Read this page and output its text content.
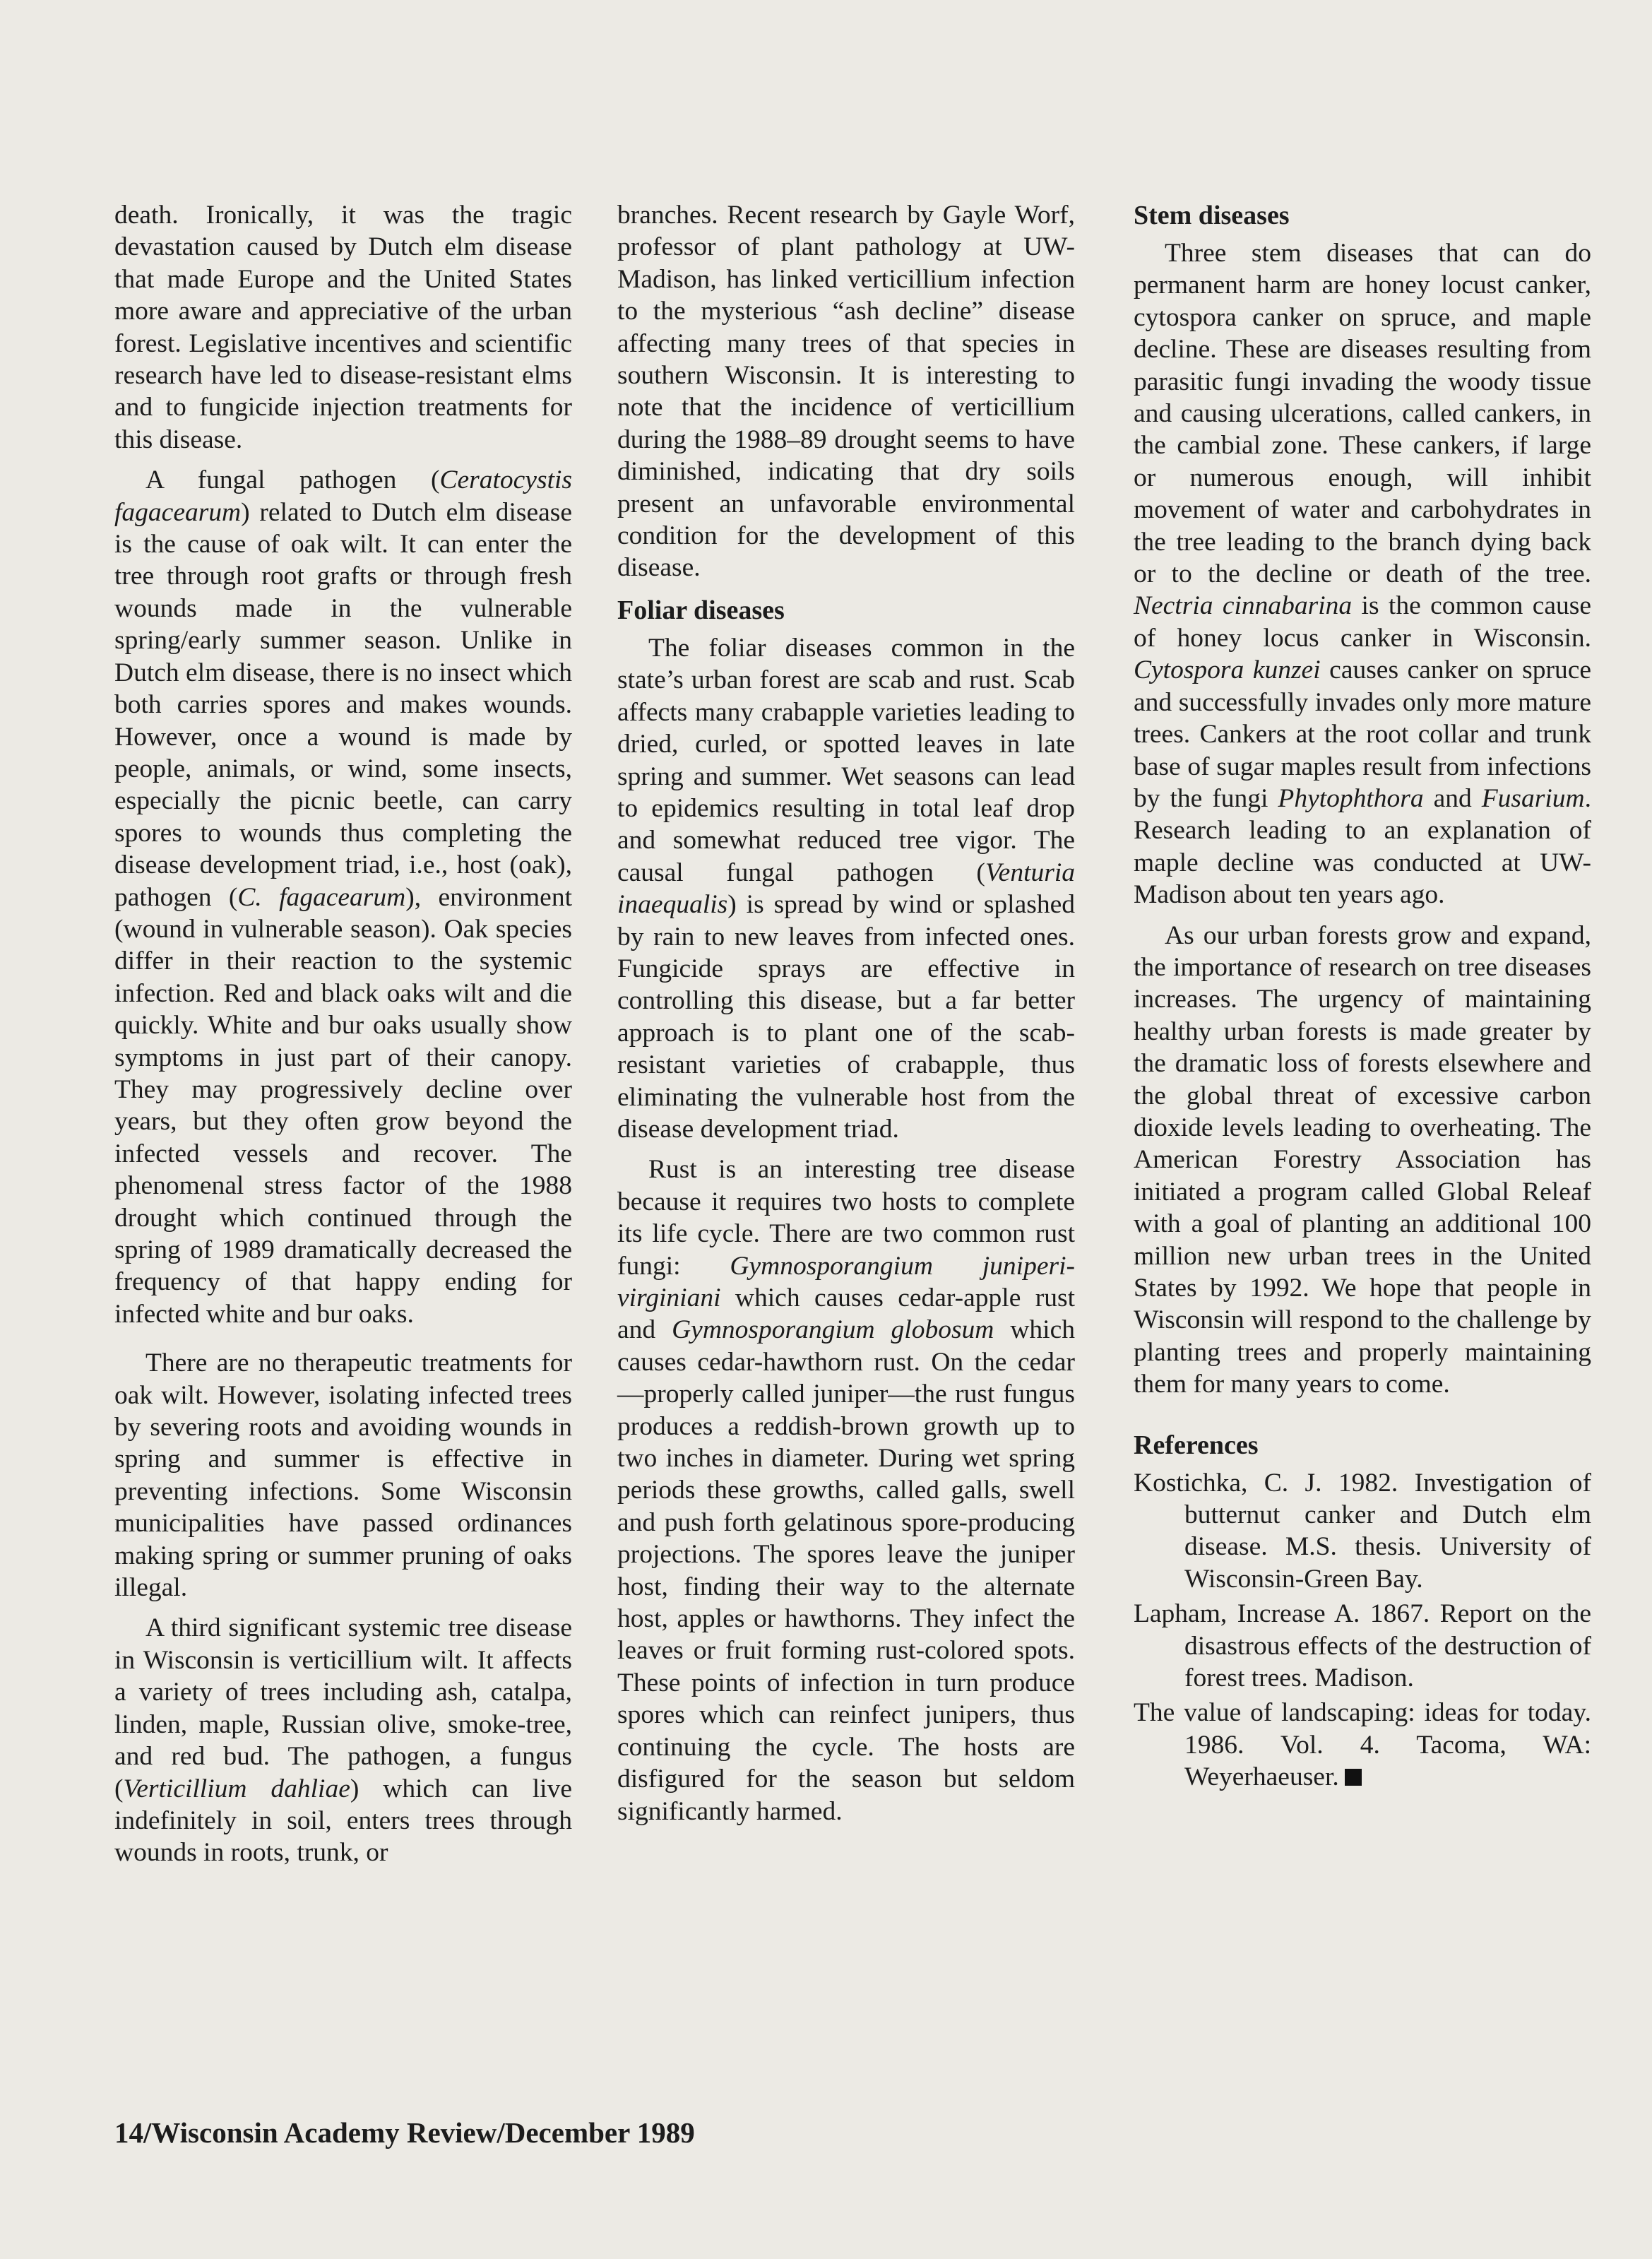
death. Ironically, it was the tragic devastation caused by Dutch elm disease that made Europe and the United States more aware and appreciative of the urban forest. Legislative incentives and scientific research have led to disease-resistant elms and to fungicide injection treatments for this disease.

A fungal pathogen (Ceratocystis fagacearum) related to Dutch elm disease is the cause of oak wilt. It can enter the tree through root grafts or through fresh wounds made in the vulnerable spring/early summer season. Unlike in Dutch elm disease, there is no insect which both carries spores and makes wounds. However, once a wound is made by people, animals, or wind, some insects, especially the picnic beetle, can carry spores to wounds thus completing the disease development triad, i.e., host (oak), pathogen (C. fagacearum), environment (wound in vulnerable season). Oak species differ in their reaction to the systemic infection. Red and black oaks wilt and die quickly. White and bur oaks usually show symptoms in just part of their canopy. They may progressively decline over years, but they often grow beyond the infected vessels and recover. The phenomenal stress factor of the 1988 drought which continued through the spring of 1989 dramatically decreased the frequency of that happy ending for infected white and bur oaks.

There are no therapeutic treatments for oak wilt. However, isolating infected trees by severing roots and avoiding wounds in spring and summer is effective in preventing infections. Some Wisconsin municipalities have passed ordinances making spring or summer pruning of oaks illegal.

A third significant systemic tree disease in Wisconsin is verticillium wilt. It affects a variety of trees including ash, catalpa, linden, maple, Russian olive, smoke-tree, and red bud. The pathogen, a fungus (Verticillium dahliae) which can live indefinitely in soil, enters trees through wounds in roots, trunk, or

branches. Recent research by Gayle Worf, professor of plant pathology at UW-Madison, has linked verticillium infection to the mysterious “ash decline” disease affecting many trees of that species in southern Wisconsin. It is interesting to note that the incidence of verticillium during the 1988–89 drought seems to have diminished, indicating that dry soils present an unfavorable environmental condition for the development of this disease.

Foliar diseases

The foliar diseases common in the state’s urban forest are scab and rust. Scab affects many crabapple varieties leading to dried, curled, or spotted leaves in late spring and summer. Wet seasons can lead to epidemics resulting in total leaf drop and somewhat reduced tree vigor. The causal fungal pathogen (Venturia inaequalis) is spread by wind or splashed by rain to new leaves from infected ones. Fungicide sprays are effective in controlling this disease, but a far better approach is to plant one of the scab-resistant varieties of crabapple, thus eliminating the vulnerable host from the disease development triad.

Rust is an interesting tree disease because it requires two hosts to complete its life cycle. There are two common rust fungi: Gymnosporangium juniperi-virginiani which causes cedar-apple rust and Gymnosporangium globosum which causes cedar-hawthorn rust. On the cedar—properly called juniper—the rust fungus produces a reddish-brown growth up to two inches in diameter. During wet spring periods these growths, called galls, swell and push forth gelatinous spore-producing projections. The spores leave the juniper host, finding their way to the alternate host, apples or hawthorns. They infect the leaves or fruit forming rust-colored spots. These points of infection in turn produce spores which can reinfect junipers, thus continuing the cycle. The hosts are disfigured for the season but seldom significantly harmed.

Stem diseases

Three stem diseases that can do permanent harm are honey locust canker, cytospora canker on spruce, and maple decline. These are diseases resulting from parasitic fungi invading the woody tissue and causing ulcerations, called cankers, in the cambial zone. These cankers, if large or numerous enough, will inhibit movement of water and carbohydrates in the tree leading to the branch dying back or to the decline or death of the tree. Nectria cinnabarina is the common cause of honey locus canker in Wisconsin. Cytospora kunzei causes canker on spruce and successfully invades only more mature trees. Cankers at the root collar and trunk base of sugar maples result from infections by the fungi Phytophthora and Fusarium. Research leading to an explanation of maple decline was conducted at UW-Madison about ten years ago.

As our urban forests grow and expand, the importance of research on tree diseases increases. The urgency of maintaining healthy urban forests is made greater by the dramatic loss of forests elsewhere and the global threat of excessive carbon dioxide levels leading to overheating. The American Forestry Association has initiated a program called Global Releaf with a goal of planting an additional 100 million new urban trees in the United States by 1992. We hope that people in Wisconsin will respond to the challenge by planting trees and properly maintaining them for many years to come.

References

Kostichka, C. J. 1982. Investigation of butternut canker and Dutch elm disease. M.S. thesis. University of Wisconsin-Green Bay.

Lapham, Increase A. 1867. Report on the disastrous effects of the destruction of forest trees. Madison.

The value of landscaping: ideas for today. 1986. Vol. 4. Tacoma, WA: Weyerhaeuser.

14/Wisconsin Academy Review/December 1989
